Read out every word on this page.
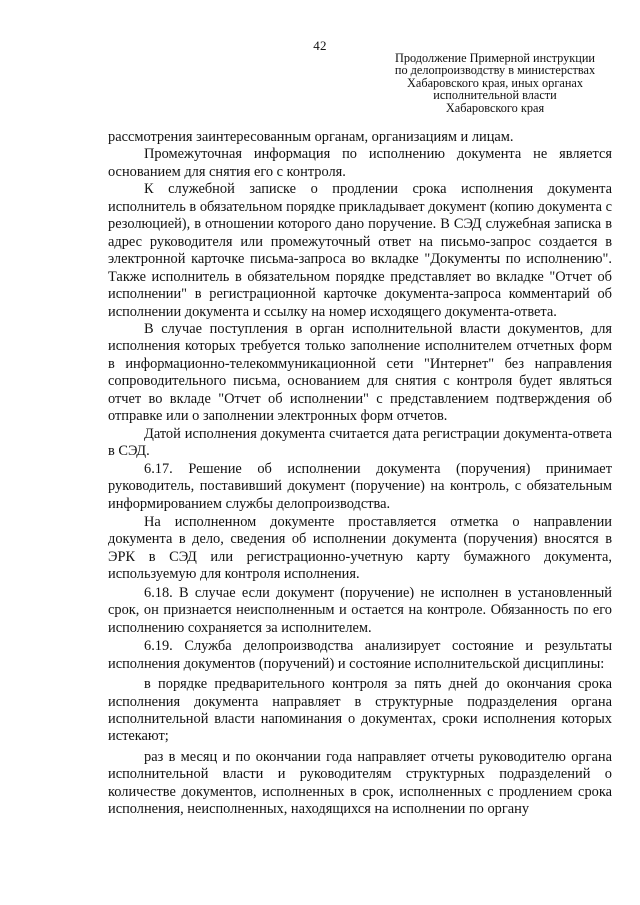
42
Продолжение Примерной инструкции
по делопроизводству в министерствах
Хабаровского края, иных органах
исполнительной власти
Хабаровского края

рассмотрения заинтересованным органам, организациям и лицам.

Промежуточная информация по исполнению документа не является основанием для снятия его с контроля.

К служебной записке о продлении срока исполнения документа исполнитель в обязательном порядке прикладывает документ (копию документа с резолюцией), в отношении которого дано поручение. В СЭД служебная записка в адрес руководителя или промежуточный ответ на письмо-запрос создается в электронной карточке письма-запроса во вкладке "Документы по исполнению". Также исполнитель в обязательном порядке представляет во вкладке "Отчет об исполнении" в регистрационной карточке документа-запроса комментарий об исполнении документа и ссылку на номер исходящего документа-ответа.

В случае поступления в орган исполнительной власти документов, для исполнения которых требуется только заполнение исполнителем отчетных форм в информационно-телекоммуникационной сети "Интернет" без направления сопроводительного письма, основанием для снятия с контроля будет являться отчет во вкладе "Отчет об исполнении" с представлением подтверждения об отправке или о заполнении электронных форм отчетов.

Датой исполнения документа считается дата регистрации документа-ответа в СЭД.

6.17. Решение об исполнении документа (поручения) принимает руководитель, поставивший документ (поручение) на контроль, с обязательным информированием службы делопроизводства.

На исполненном документе проставляется отметка о направлении документа в дело, сведения об исполнении документа (поручения) вносятся в ЭРК в СЭД или регистрационно-учетную карту бумажного документа, используемую для контроля исполнения.

6.18. В случае если документ (поручение) не исполнен в установленный срок, он признается неисполненным и остается на контроле. Обязанность по его исполнению сохраняется за исполнителем.

6.19. Служба делопроизводства анализирует состояние и результаты исполнения документов (поручений) и состояние исполнительской дисциплины:

в порядке предварительного контроля за пять дней до окончания срока исполнения документа направляет в структурные подразделения органа исполнительной власти напоминания о документах, сроки исполнения которых истекают;

раз в месяц и по окончании года направляет отчеты руководителю органа исполнительной власти и руководителям структурных подразделений о количестве документов, исполненных в срок, исполненных с продлением срока исполнения, неисполненных, находящихся на исполнении по органу
